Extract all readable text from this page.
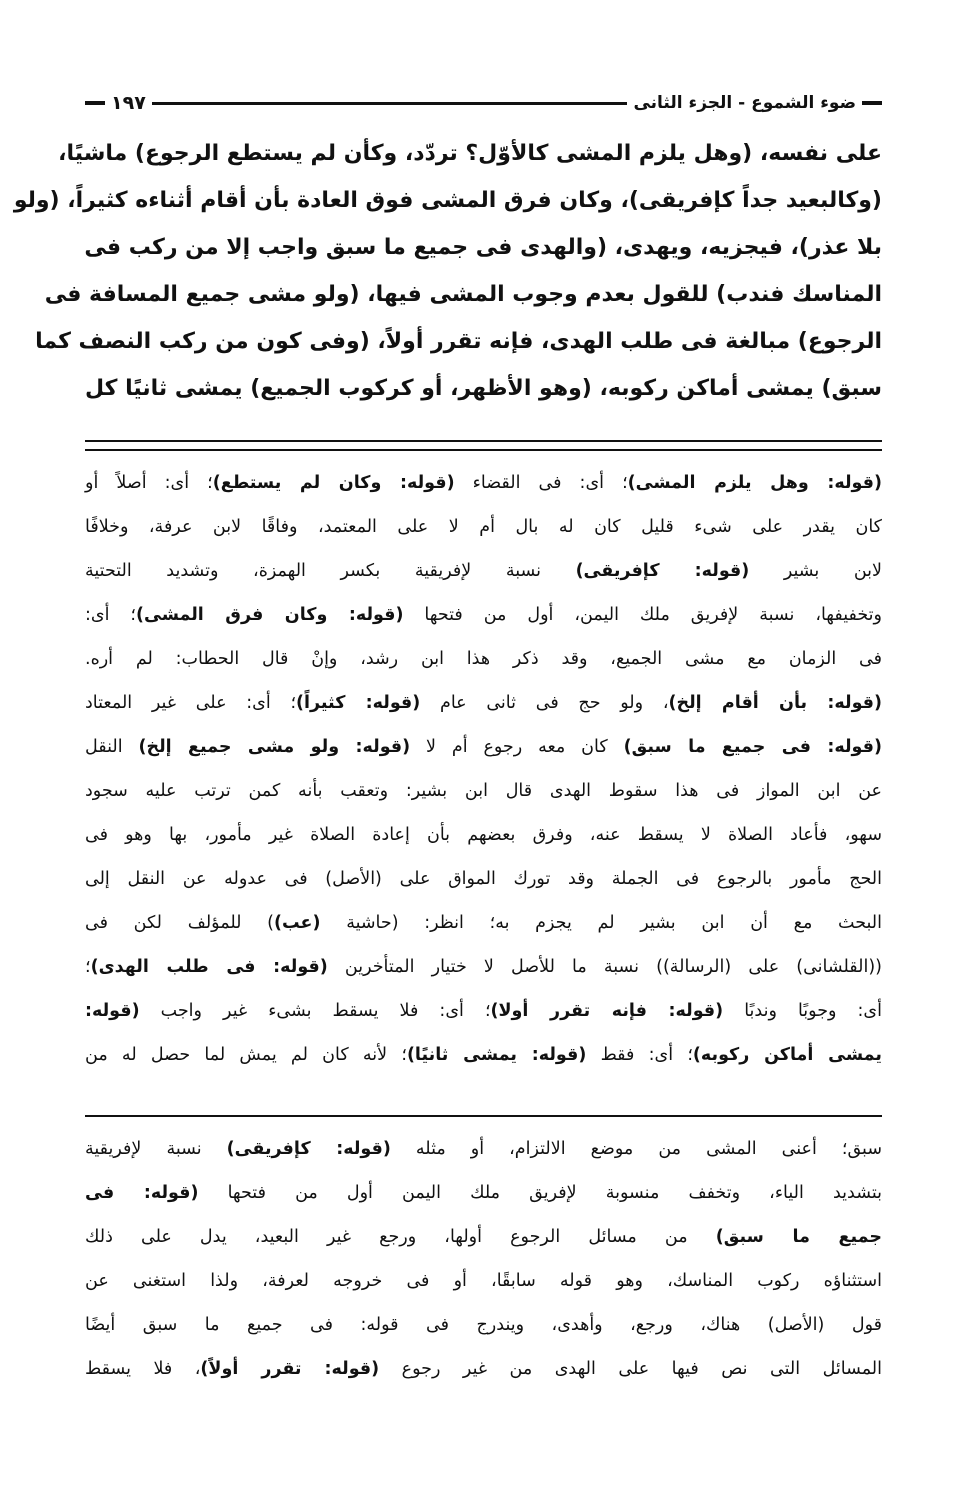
ضوء الشموع - الجزء الثانى
١٩٧
على نفسه، (وهل يلزم المشى كالأوّل؟ تردّد، وكأن لم يستطع الرجوع) ماشيًا،
(وكالبعيد جداً كإفريقى)، وكان فرق المشى فوق العادة بأن أقام أثناءه كثيراً، (ولو
بلا عذر)، فيجزيه، ويهدى، (والهدى فى جميع ما سبق واجب إلا من ركب فى
المناسك فندب) للقول بعدم وجوب المشى فيها، (ولو مشى جميع المسافة فى
الرجوع) مبالغة فى طلب الهدى، فإنه تقرر أولاً، (وفى كون من ركب النصف كما
سبق) يمشى أماكن ركوبه، (وهو الأظهر، أو كركوب الجميع) يمشى ثانيًا كل
(قوله: وهل يلزم المشى)؛ أى: فى القضاء (قوله: وكان لم يستطع)؛ أى: أصلاً أو
كان يقدر على شىء قليل كان له بال أم لا على المعتمد، وفاقًا لابن عرفة، وخلافًا
لابن بشير (قوله: كإفريقى) نسبة لإفريقية بكسر الهمزة، وتشديد التحتية
وتخفيفها، نسبة لإفريق ملك اليمن، أول من فتحها (قوله: وكان فرق المشى)؛ أى:
فى الزمان مع مشى الجميع، وقد ذكر هذا ابن رشد، وإنْ قال الحطاب: لم أره.
(قوله: بأن أقام إلخ)، ولو حج فى ثانى عام (قوله: كثيراً)؛ أى: على غير المعتاد
(قوله: فى جميع ما سبق) كان معه رجوع أم لا (قوله: ولو مشى جميع إلخ) النقل
عن ابن المواز فى هذا سقوط الهدى قال ابن بشير: وتعقب بأنه كمن ترتب عليه سجود
سهو، فأعاد الصلاة لا يسقط عنه، وفرق بعضهم بأن إعادة الصلاة غير مأمور، بها وهو فى
الحج مأمور بالرجوع فى الجملة وقد تورك المواق على (الأصل) فى عدوله عن النقل إلى
البحث مع أن ابن بشير لم يجزم به؛ انظر: (حاشية (عب)) للمؤلف لكن فى
((القلشانى) على (الرسالة)) نسبة ما للأصل لا ختيار المتأخرين (قوله: فى طلب الهدى)؛
أى: وجوبًا وندبًا (قوله: فإنه تقرر أولا)؛ أى: فلا يسقط بشىء غير واجب (قوله:
يمشى أماكن ركوبه)؛ أى: فقط (قوله: يمشى ثانيًا)؛ لأنه كان لم يمش لما حصل له من
سبق؛ أعنى المشى من موضع الالتزام، أو مثله (قوله: كإفريقى) نسبة لإفريقية
بتشديد الياء، وتخفف منسوبة لإفريق ملك اليمن أول من فتحها (قوله: فى
جميع ما سبق) من مسائل الرجوع أولها، ورجع غير البعيد، يدل على ذلك
استثناؤه ركوب المناسك، وهو قوله سابقًا، أو فى خروجه لعرفة، ولذا استغنى عن
قول (الأصل) هناك، ورجع، وأهدى، ويندرج فى قوله: فى جميع ما سبق أيضًا
المسائل التى نص فيها على الهدى من غير رجوع (قوله: تقرر أولاً)، فلا يسقط
